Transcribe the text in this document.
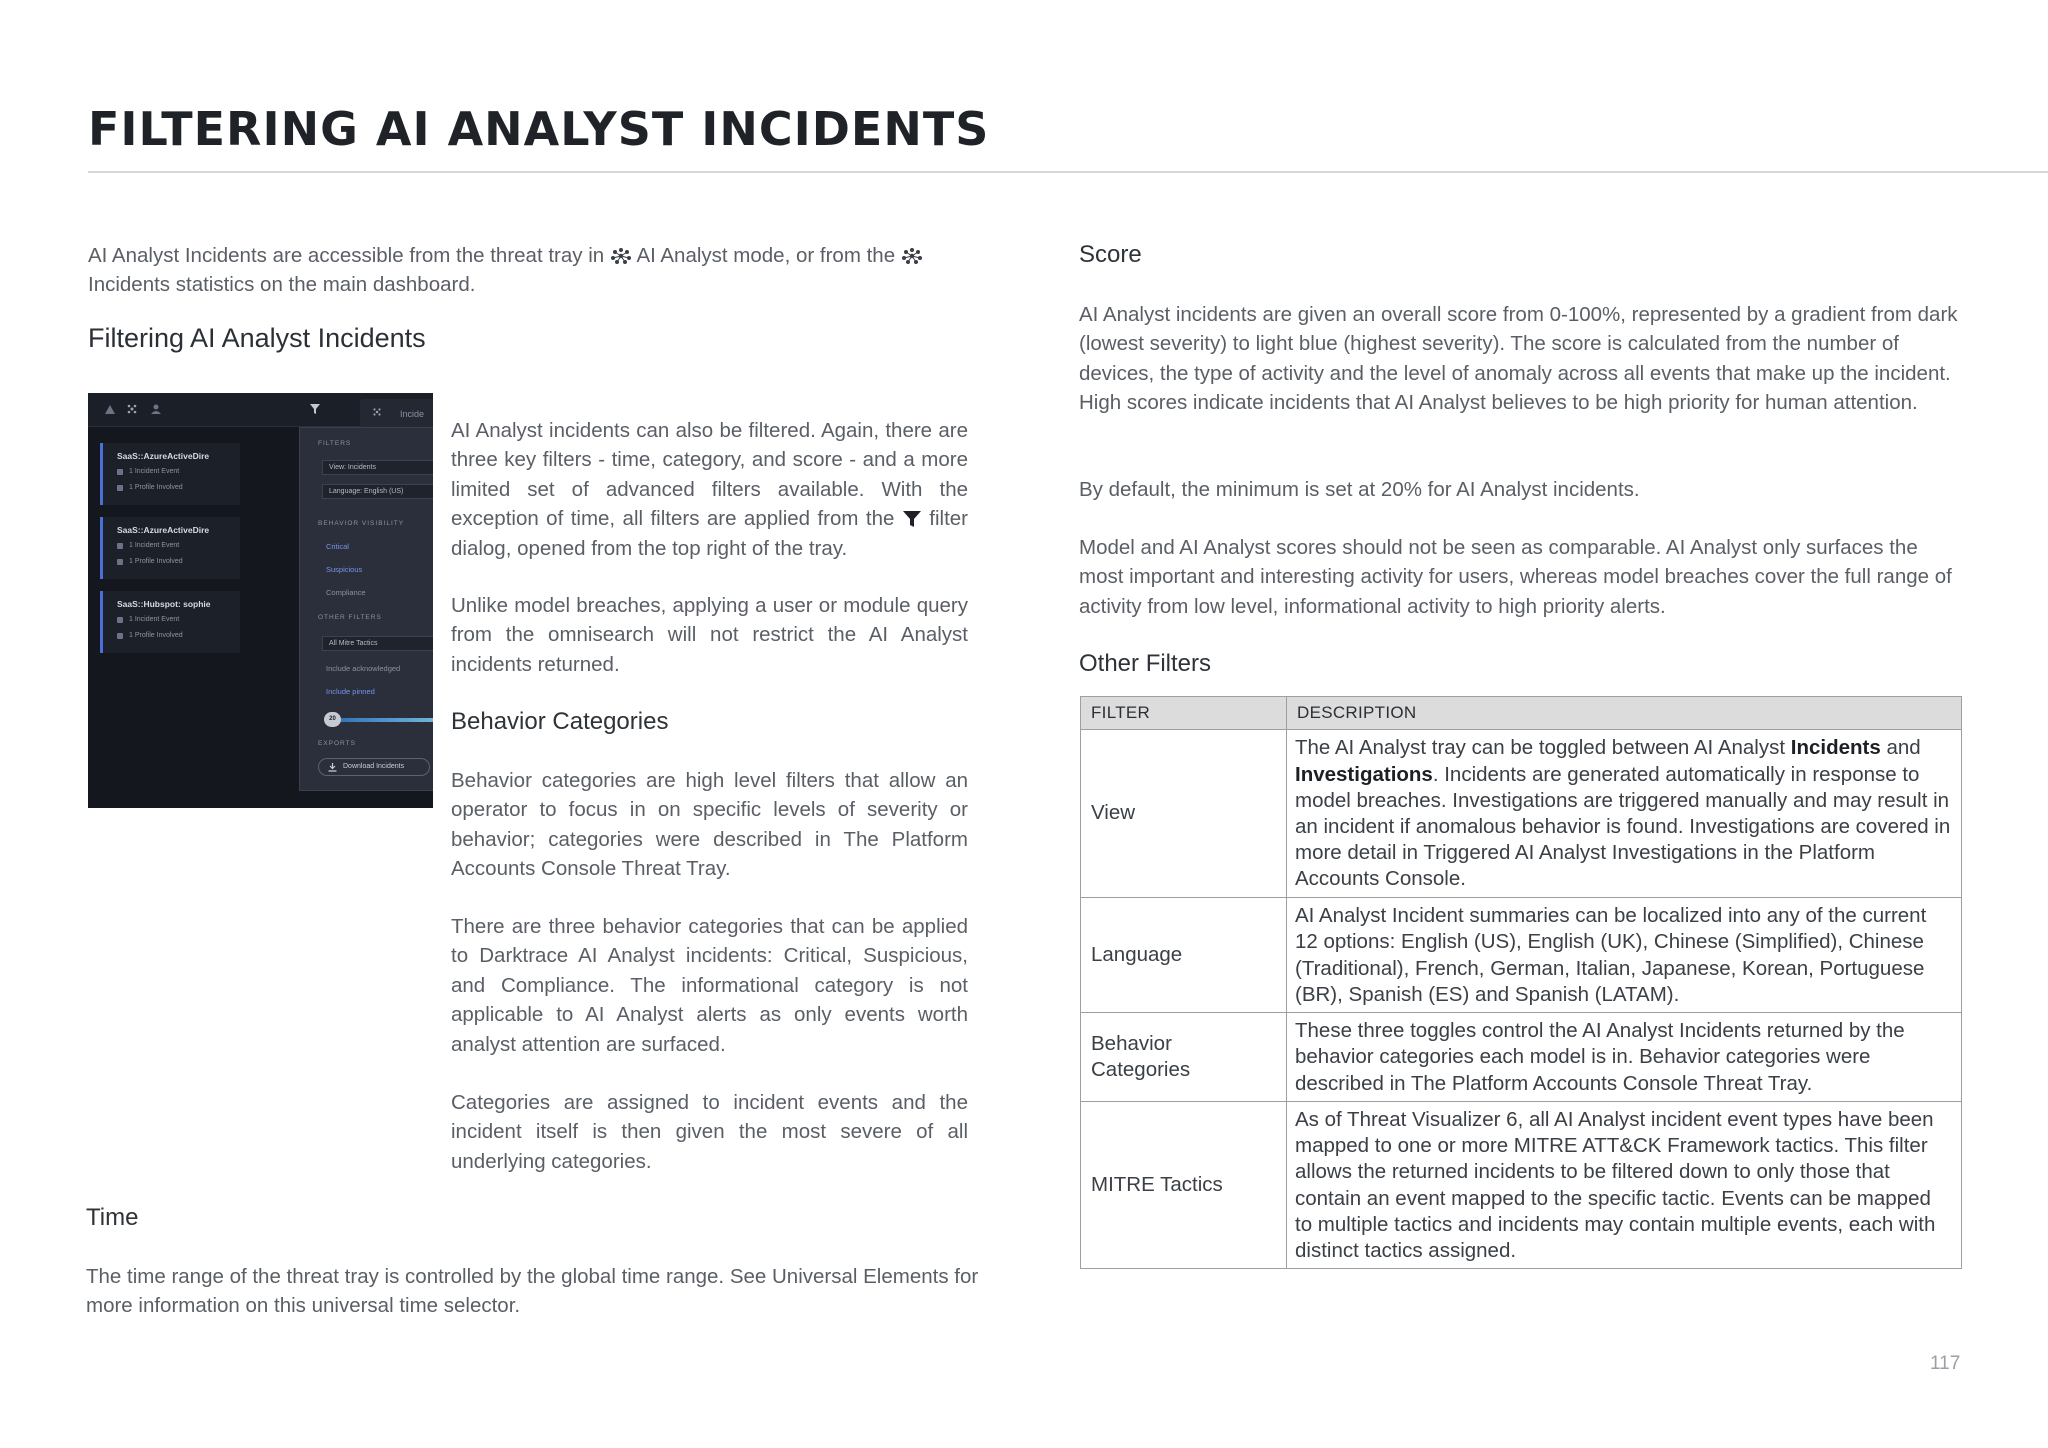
FILTERING AI ANALYST INCIDENTS
AI Analyst Incidents are accessible from the threat tray in AI Analyst mode, or from the

Incidents statistics on the main dashboard.
Filtering AI Analyst Incidents
Incide
SaaS::AzureActiveDire
1 Incident Event
1 Profile Involved
SaaS::AzureActiveDire
1 Incident Event
1 Profile Involved
SaaS::Hubspot: sophie
1 Incident Event
1 Profile Involved
FILTERS
View: Incidents
Language: English (US)
BEHAVIOR VISIBILITY
Critical
Suspicious
Compliance
OTHER FILTERS
All Mitre Tactics
Include acknowledged
Include pinned
20
EXPORTS
Download Incidents
AI Analyst incidents can also be filtered. Again, there are three key filters - time, category, and score - and a more limited set of advanced filters available. With the exception of time, all filters are applied from the filter dialog, opened from the top right of the tray.
Unlike model breaches, applying a user or module query from the omnisearch will not restrict the AI Analyst incidents returned.
Behavior Categories
Behavior categories are high level filters that allow an operator to focus in on specific levels of severity or behavior; categories were described in The Platform Accounts Console Threat Tray.
There are three behavior categories that can be applied to Darktrace AI Analyst incidents: Critical, Suspicious, and Compliance. The informational category is not applicable to AI Analyst alerts as only events worth analyst attention are surfaced.
Categories are assigned to incident events and the incident itself is then given the most severe of all underlying categories.
Time
The time range of the threat tray is controlled by the global time range. See Universal Elements for more information on this universal time selector.
Score
AI Analyst incidents are given an overall score from 0-100%, represented by a gradient from dark (lowest severity) to light blue (highest severity). The score is calculated from the number of devices, the type of activity and the level of anomaly across all events that make up the incident. High scores indicate incidents that AI Analyst believes to be high priority for human attention.
By default, the minimum is set at 20% for AI Analyst incidents.
Model and AI Analyst scores should not be seen as comparable. AI Analyst only surfaces the most important and interesting activity for users, whereas model breaches cover the full range of activity from low level, informational activity to high priority alerts.
Other Filters
FILTER	DESCRIPTION
View	The AI Analyst tray can be toggled between AI Analyst Incidents and Investigations. Incidents are generated automatically in response to model breaches. Investigations are triggered manually and may result in an incident if anomalous behavior is found. Investigations are covered in more detail in Triggered AI Analyst Investigations in the Platform Accounts Console.
Language	AI Analyst Incident summaries can be localized into any of the current 12 options: English (US), English (UK), Chinese (Simplified), Chinese (Traditional), French, German, Italian, Japanese, Korean, Portuguese (BR), Spanish (ES) and Spanish (LATAM).
Behavior Categories	These three toggles control the AI Analyst Incidents returned by the behavior categories each model is in. Behavior categories were described in The Platform Accounts Console Threat Tray.
MITRE Tactics	As of Threat Visualizer 6, all AI Analyst incident event types have been mapped to one or more MITRE ATT&CK Framework tactics. This filter allows the returned incidents to be filtered down to only those that contain an event mapped to the specific tactic. Events can be mapped to multiple tactics and incidents may contain multiple events, each with distinct tactics assigned.
117
